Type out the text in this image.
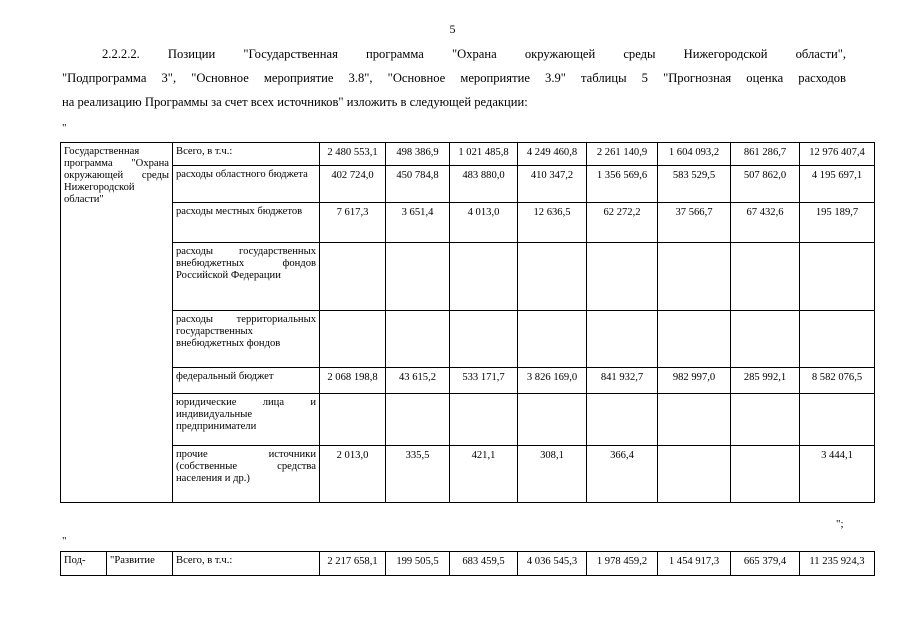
5
2.2.2.2. Позиции "Государственная программа "Охрана окружающей среды Нижегородской области",
"Подпрограмма 3", "Основное мероприятие 3.8", "Основное мероприятие 3.9" таблицы 5 "Прогнозная оценка расходов
на реализацию Программы за счет всех источников" изложить в следующей редакции:
"
Государственная программа "Охрана окружающей среды Нижегородской области"	Всего, в т.ч.:	2 480 553,1	498 386,9	1 021 485,8	4 249 460,8	2 261 140,9	1 604 093,2	861 286,7	12 976 407,4
	расходы областного бюджета	402 724,0	450 784,8	483 880,0	410 347,2	1 356 569,6	583 529,5	507 862,0	4 195 697,1
	расходы местных бюджетов	7 617,3	3 651,4	4 013,0	12 636,5	62 272,2	37 566,7	67 432,6	195 189,7
	расходы государственных внебюджетных фондов Российской Федерации								
	расходы территориальных государственных внебюджетных фондов								
	федеральный бюджет	2 068 198,8	43 615,2	533 171,7	3 826 169,0	841 932,7	982 997,0	285 992,1	8 582 076,5
	юридические лица и индивидуальные предприниматели								
	прочие источники (собственные средства населения и др.)	2 013,0	335,5	421,1	308,1	366,4			3 444,1
";
"
Под-	"Развитие	Всего, в т.ч.:	2 217 658,1	199 505,5	683 459,5	4 036 545,3	1 978 459,2	1 454 917,3	665 379,4	11 235 924,3
